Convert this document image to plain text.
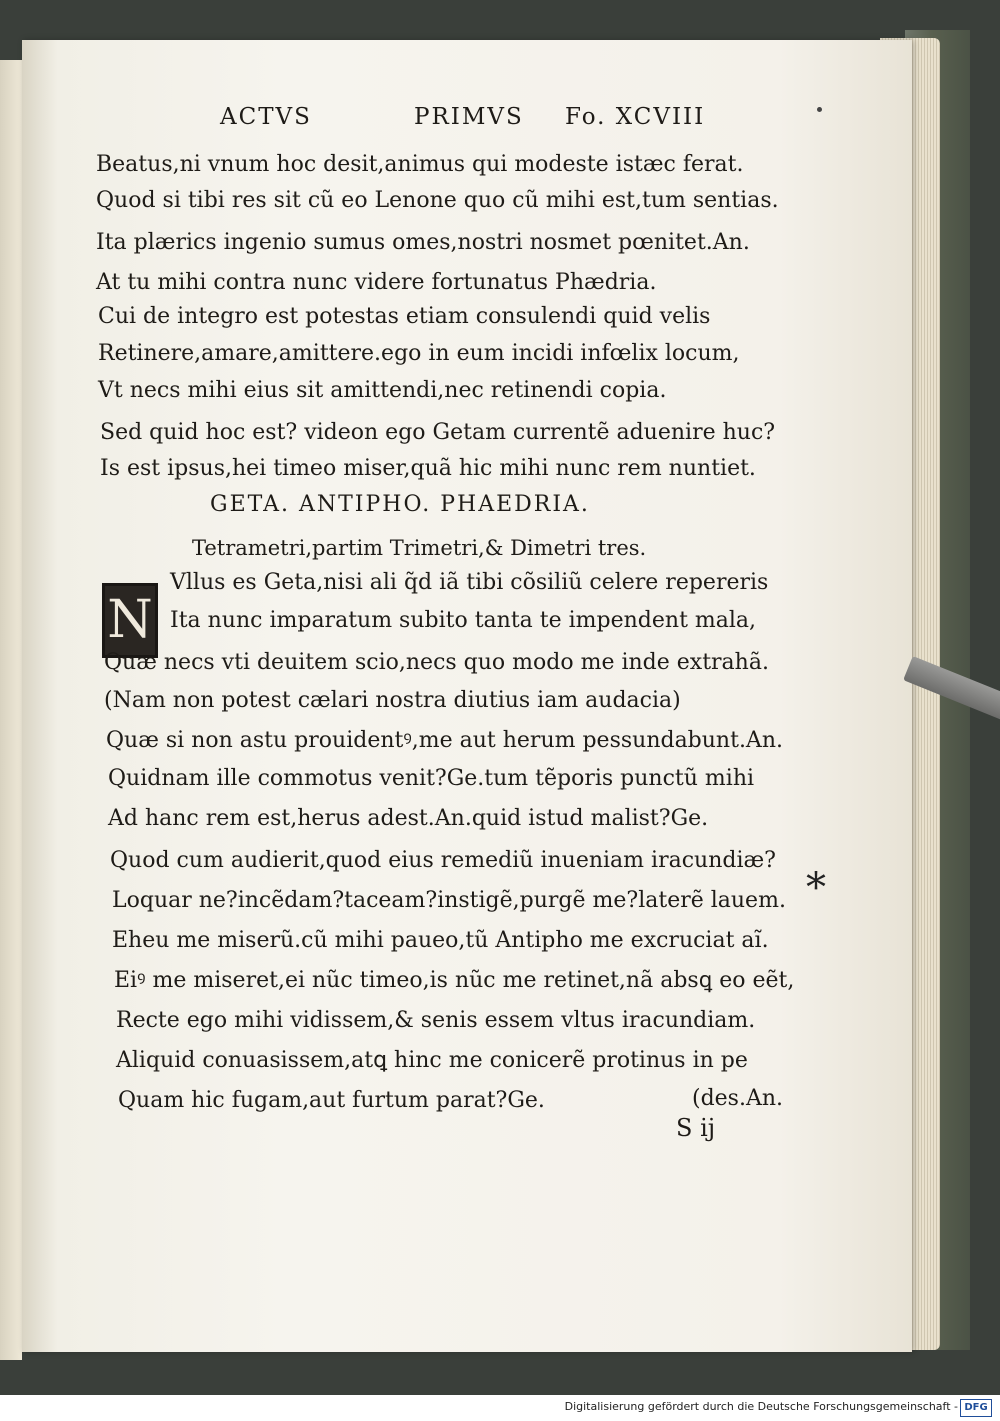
ACTVS	PRIMVS Fo. XCVIII
Beatus,ni vnum hoc desit,animus qui modeste istæc ferat.
Quod si tibi res sit cũ eo Lenone quo cũ mihi est,tum sentias.
Ita plærics ingenio sumus omes,nostri nosmet pœnitet.An.
At tu mihi contra nunc videre fortunatus Phædria.
Cui de integro est potestas etiam consulendi quid velis
Retinere,amare,amittere.ego in eum incidi infœlix locum,
Vt necs mihi eius sit amittendi,nec retinendi copia.
Sed quid hoc est? videon ego Getam currentẽ aduenire huc?
Is est ipsus,hei timeo miser,quã hic mihi nunc rem nuntiet.
GETA. ANTIPHO. PHAEDRIA.
Tetrametri,partim Trimetri,& Dimetri tres.
N
Vllus es Geta,nisi ali q̃d iã tibi cõsiliũ celere repereris
Ita nunc imparatum subito tanta te impendent mala,
Quæ necs vti deuitem scio,necs quo modo me inde extrahã.
(Nam non potest cælari nostra diutius iam audacia)
Quæ si non astu prouidentꝰ,me aut herum pessundabunt.An.
Quidnam ille commotus venit?Ge.tum tẽporis punctũ mihi
Ad hanc rem est,herus adest.An.quid istud malist?Ge.
Quod cum audierit,quod eius remediũ inueniam iracundiæ?
Loquar ne?incẽdam?taceam?instigẽ,purgẽ me?laterẽ lauem.
Eheu me miserũ.cũ mihi paueo,tũ Antipho me excruciat aĩ.
Eiꝰ me miseret,ei nũc timeo,is nũc me retinet,nã absꝗ eo eẽt,
Recte ego mihi vidissem,& senis essem vltus iracundiam.
Aliquid conuasissem,atꝗ hinc me conicerẽ protinus in pe
Quam hic fugam,aut furtum parat?Ge.	(des.An.
*
S ij
Digitalisierung gefördert durch die Deutsche Forschungsgemeinschaft - DFG
